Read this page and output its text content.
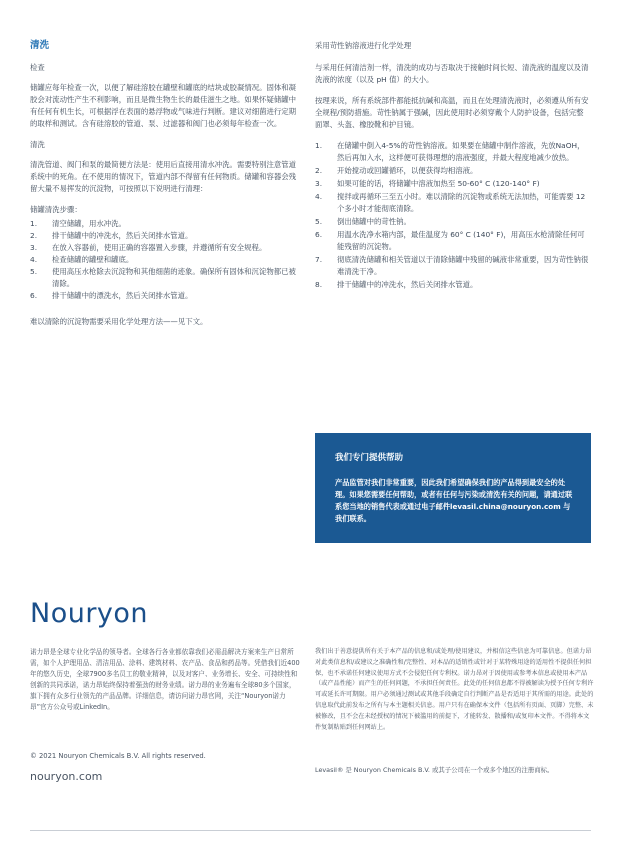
清洗
检查

储罐应每年检查一次，以便了解硅溶胶在罐壁和罐底的结块或胶凝情况。固体和凝胶会对流动性产生不利影响，而且是微生物生长的最佳滋生之地。如果怀疑储罐中有任何有机生长，可根据浮在表面的悬浮物或气味进行判断。建议对细菌进行定期的取样和测试。含有硅溶胶的管道、泵、过滤器和阀门也必须每年检查一次。

清洗

清洗管道、阀门和泵的最简便方法是：使用后直接用清水冲洗。需要特别注意管道系统中的死角。在不使用的情况下，管道内部不得留有任何物质。储罐和容器会残留大量不易挥发的沉淀物，可按照以下说明进行清理：

储罐清洗步骤：
1. 清空储罐，用水冲洗。
2. 排干储罐中的冲洗水，然后关闭排水管道。
3. 在放入容器前，使用正确的容器置入步骤，并遵循所有安全规程。
4. 检查储罐的罐壁和罐底。
5. 使用高压水枪除去沉淀物和其他细菌的迹象。确保所有固体和沉淀物都已被清除。
6. 排干储罐中的漂洗水，然后关闭排水管道。

难以清除的沉淀物需要采用化学处理方法——见下文。

采用苛性钠溶液进行化学处理

与采用任何清洁剂一样，清洗的成功与否取决于接触时间长短、清洗液的温度以及清洗液的浓度（以及 pH 值）的大小。

按理来说，所有系统部件都能抵抗碱和高温，而且在处理清洗液时，必须遵从所有安全规程/预防措施。苛性钠属于强碱，因此使用时必须穿戴个人防护设备，包括完整面罩、头盔、橡胶靴和护目镜。

1. 在储罐中倒入4-5%的苛性钠溶液。如果要在储罐中制作溶液，先放NaOH，然后再加入水，这样便可获得理想的溶液强度，并最大程度地减少放热。
2. 开始搅动或回罐循环，以便获得均相溶液。
3. 如果可能的话，将储罐中溶液加热至 50-60° C (120-140° F)
4. 搅拌或再循环三至五小时。难以清除的沉淀物或系统无法加热，可能需要 12 个多小时才能彻底清除。
5. 倒出储罐中的苛性钠。
6. 用温水洗净水箱内部，最佳温度为 60° C (140° F)，用高压水枪清除任何可能残留的沉淀物。
7. 彻底清洗储罐和相关管道以于清除储罐中残留的碱液非常重要，因为苛性钠很难清洗干净。
8. 排干储罐中的冲洗水，然后关闭排水管道。
我们专门提供帮助
产品监管对我们非常重要，因此我们希望确保我们的产品得到最安全的处理。如果您需要任何帮助，或者有任何与污染或清洗有关的问题，请通过联系您当地的销售代表或通过电子邮件levasil.china@nouryon.com 与我们联系。
Nouryon
诺力昂是全球专业化学品的领导者。全球各行各业都依靠我们必需品解决方案来生产日常所需，如个人护理用品、清洁用品、涂料、建筑材料、农产品、食品和药品等。凭借我们近400年的悠久历史，全球7900多名员工的敬业精神，以及对客户、业务增长、安全、可持续性和创新的共同承诺，诺力昂始终保持着强劲的财务业绩。诺力昂的业务遍布全球80多个国家，旗下拥有众多行业领先的产品品牌。详细信息，请访问诺力昂官网，关注“Nouryon诺力昂”官方公众号或LinkedIn。
我们出于善意提供所有关于本产品的信息和/或处理/使用建议，并相信这些信息为可靠信息。但诺力昂对此类信息和/或建议之准确性和/完整性、对本品的适销性或针对于某特殊用途的适用性不提供任何担保，也不承诺任何建议使用方式不会侵犯任何专利权。诺力昂对于因使用或参考本信息或使用本产品（或产品性能）而产生的任何问题，不承担任何责任。此处的任何信息都不得被解读为授予任何专利许可或延长许可期限。用户必须通过测试或其他手段确定自行判断产品是否适用于其所需的用途。此处的信息取代此前发布之所有与本主题相关信息。用户只有在确保本文件（包括所有页面、页脚）完整、未被修改，且不会在未经授权的情况下被滥用的前提下，才能转发、散播和/或复印本文件。不得将本文件复制粘贴到任何网站上。
© 2021 Nouryon Chemicals B.V. All rights reserved.
nouryon.com	Levasil® 是 Nouryon Chemicals B.V. 或其子公司在一个或多个地区的注册商标。
